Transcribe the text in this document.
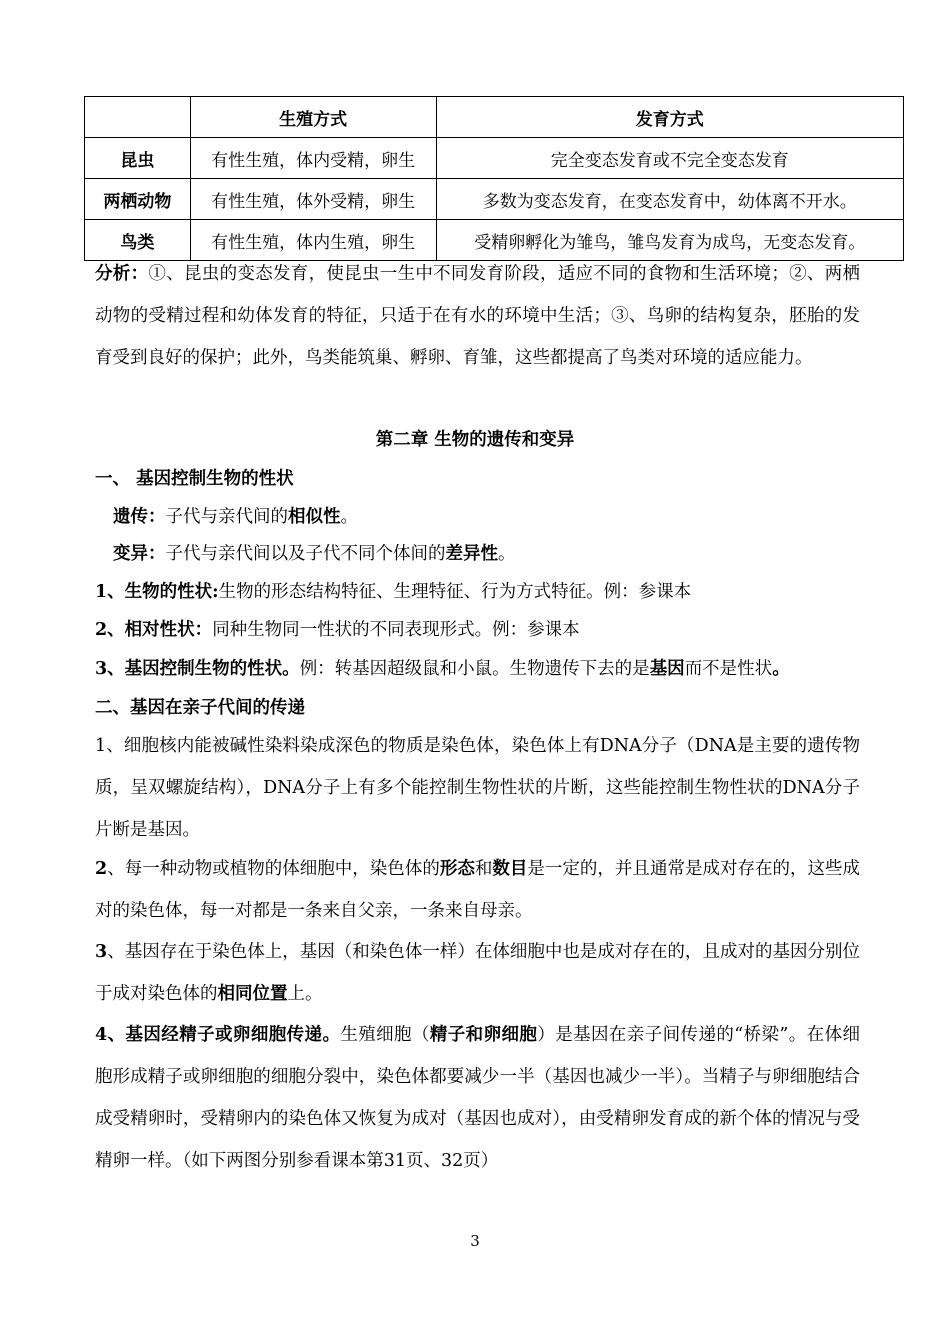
	生殖方式	发育方式
昆虫	有性生殖，体内受精，卵生	完全变态发育或不完全变态发育
两栖动物	有性生殖，体外受精，卵生	多数为变态发育，在变态发育中，幼体离不开水。
鸟类	有性生殖，体内生殖，卵生	受精卵孵化为雏鸟，雏鸟发育为成鸟，无变态发育。

分析：①、昆虫的变态发育，使昆虫一生中不同发育阶段，适应不同的食物和生活环境；②、两栖动物的受精过程和幼体发育的特征，只适于在有水的环境中生活；③、鸟卵的结构复杂，胚胎的发育受到良好的保护；此外，鸟类能筑巢、孵卵、育雏，这些都提高了鸟类对环境的适应能力。

第二章 生物的遗传和变异
一、 基因控制生物的性状
遗传：子代与亲代间的相似性。
变异：子代与亲代间以及子代不同个体间的差异性。
1、生物的性状:生物的形态结构特征、生理特征、行为方式特征。例：参课本
2、相对性状：同种生物同一性状的不同表现形式。例：参课本
3、基因控制生物的性状。例：转基因超级鼠和小鼠。生物遗传下去的是基因而不是性状。
二、基因在亲子代间的传递

1、细胞核内能被碱性染料染成深色的物质是染色体，染色体上有DNA分子（DNA是主要的遗传物质，呈双螺旋结构），DNA分子上有多个能控制生物性状的片断，这些能控制生物性状的DNA分子片断是基因。

2、每一种动物或植物的体细胞中，染色体的形态和数目是一定的，并且通常是成对存在的，这些成对的染色体，每一对都是一条来自父亲，一条来自母亲。

3、基因存在于染色体上，基因（和染色体一样）在体细胞中也是成对存在的，且成对的基因分别位于成对染色体的相同位置上。

4、基因经精子或卵细胞传递。生殖细胞（精子和卵细胞）是基因在亲子间传递的“桥梁”。在体细胞形成精子或卵细胞的细胞分裂中，染色体都要减少一半（基因也减少一半）。当精子与卵细胞结合成受精卵时，受精卵内的染色体又恢复为成对（基因也成对），由受精卵发育成的新个体的情况与受精卵一样。（如下两图分别参看课本第31页、32页）

3
